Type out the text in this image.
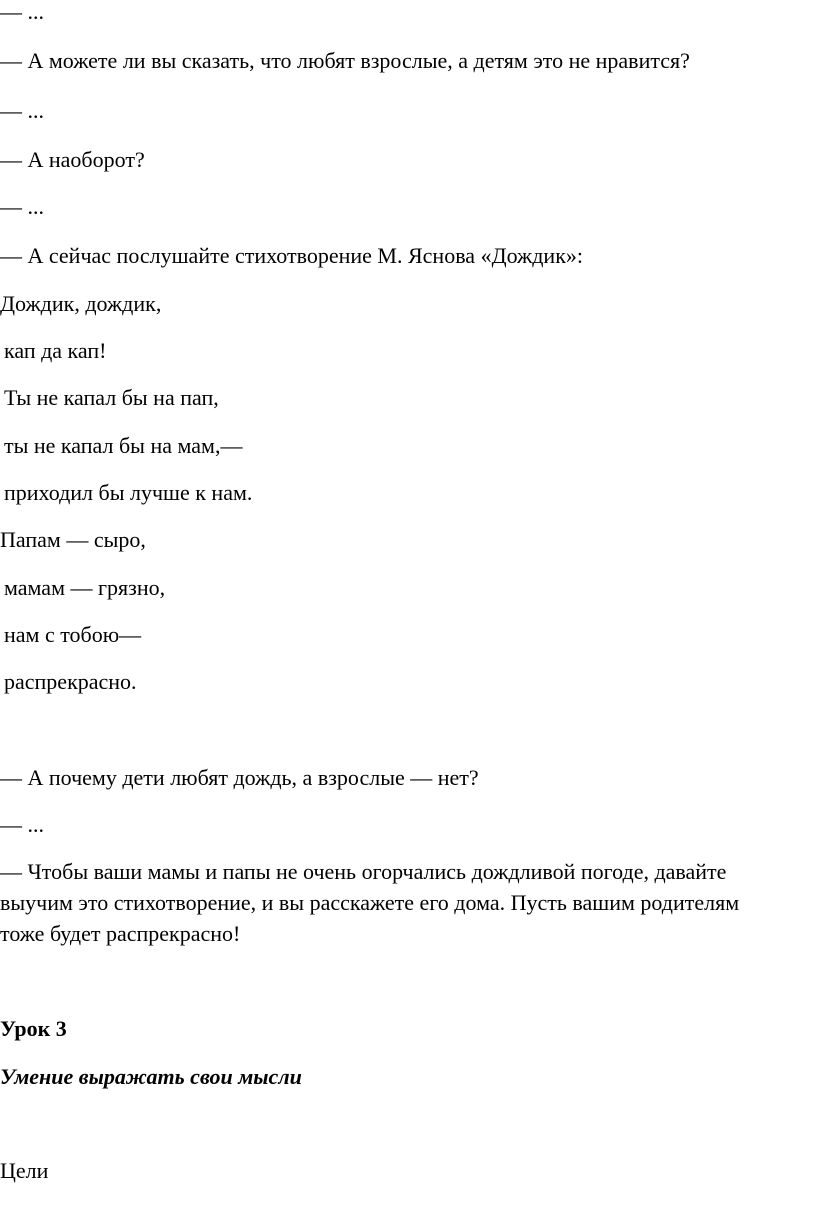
— ...
— А можете ли вы сказать, что любят взрослые, а детям это не нравится?
— ...
— А наоборот?
— ...
— А сейчас послушайте стихотворение М. Яснова «Дождик»:
Дождик, дождик,
кап да кап!
Ты не капал бы на пап,
ты не капал бы на мам,—
приходил бы лучше к нам.
Папам — сыро,
мамам — грязно,
нам с тобою—
распрекрасно.
— А почему дети любят дождь, а взрослые — нет?
— ...
— Чтобы ваши мамы и папы не очень огорчались дождливой погоде, давайте
выучим это стихотворение, и вы расскажете его дома. Пусть вашим родителям
тоже будет распрекрасно!
Урок 3
Умение выражать свои мысли
Цели
